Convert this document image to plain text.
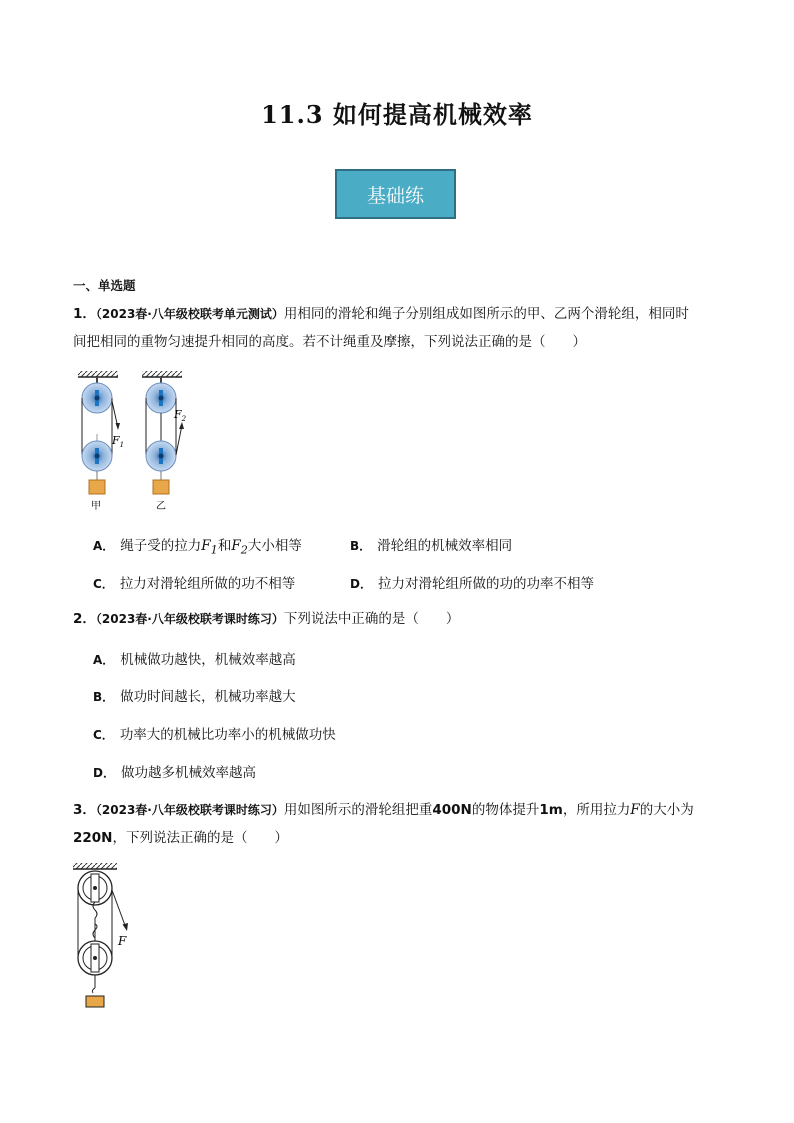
11.3 如何提高机械效率
基础练
一、单选题
1．（2023春·八年级校联考单元测试）用相同的滑轮和绳子分别组成如图所示的甲、乙两个滑轮组，相同时
间把相同的重物匀速提升相同的高度。若不计绳重及摩擦，下列说法正确的是（　　）
$F_1$
甲
$F_2$
乙
A． 绳子受的拉力$F_1$和$F_2$大小相等	B． 滑轮组的机械效率相同
C． 拉力对滑轮组所做的功不相等	D． 拉力对滑轮组所做的功的功率不相等
2．（2023春·八年级校联考课时练习）下列说法中正确的是（　　）
A． 机械做功越快，机械效率越高
B． 做功时间越长，机械功率越大
C． 功率大的机械比功率小的机械做功快
D． 做功越多机械效率越高
3．（2023春·八年级校联考课时练习）用如图所示的滑轮组把重400N的物体提升1m，所用拉力F的大小为
220N，下列说法正确的是（　　）
F
